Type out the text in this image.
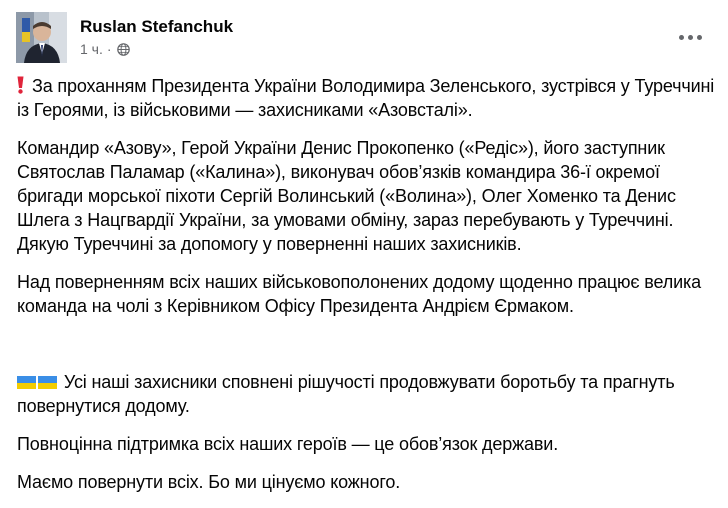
Ruslan Stefanchuk
1 ч. ·

За проханням Президента України Володимира Зеленського, зустрівся у Туреччині із Героями, із військовими — захисниками «Азовсталі».

Командир «Азову», Герой України Денис Прокопенко («Редіс»), його заступник Святослав Паламар («Калина»), виконувач обов’язків командира 36-ї окремої бригади морської піхоти Сергій Волинський («Волина»), Олег Хоменко та Денис Шлега з Нацгвардії України, за умовами обміну, зараз перебувають у Туреччині. Дякую Туреччині за допомогу у поверненні наших захисників.

Над поверненням всіх наших військовополонених додому щоденно працює велика команда на чолі з Керівником Офісу Президента Андрієм Єрмаком.

Усі наші захисники сповнені рішучості продовжувати боротьбу та прагнуть повернутися додому.

Повноцінна підтримка всіх наших героїв — це обов’язок держави.

Маємо повернути всіх. Бо ми цінуємо кожного.
